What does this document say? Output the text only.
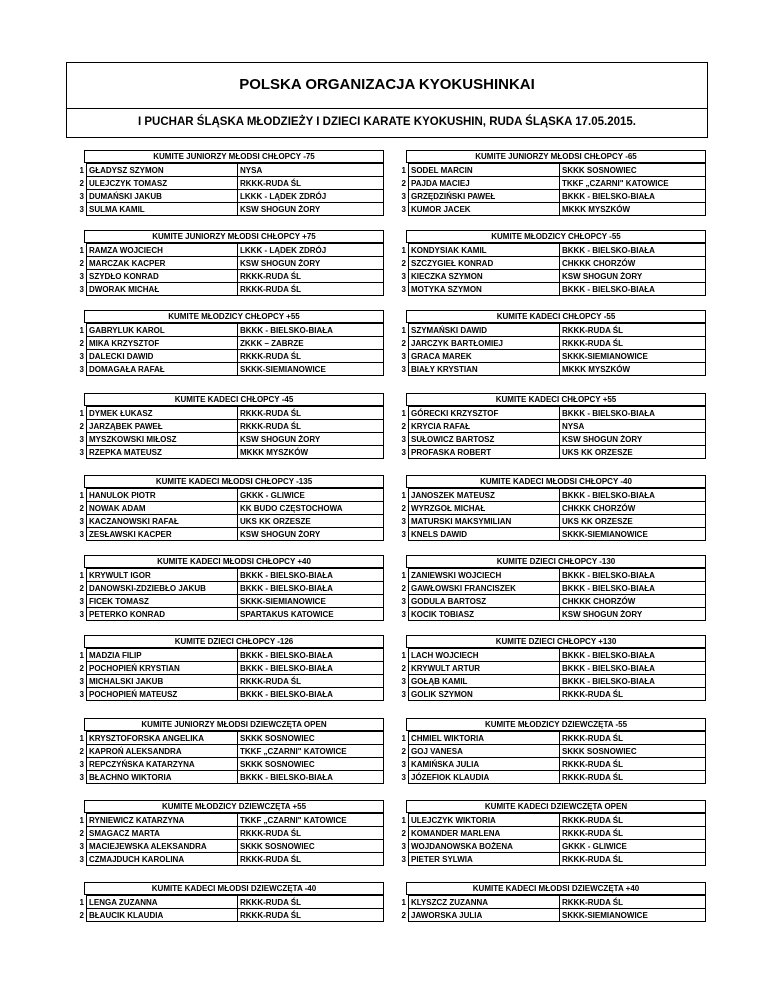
POLSKA ORGANIZACJA KYOKUSHINKAI
I PUCHAR ŚLĄSKA MŁODZIEŻY I DZIECI KARATE KYOKUSHIN, RUDA ŚLĄSKA 17.05.2015.
KUMITE JUNIORZY MŁODSI CHŁOPCY -75
1	GŁADYSZ SZYMON	NYSA
2	ULEJCZYK TOMASZ	RKKK-RUDA ŚL
3	DUMAŃSKI JAKUB	LKKK - LĄDEK ZDRÓJ
3	SULMA KAMIL	KSW SHOGUN ŻORY
KUMITE JUNIORZY MŁODSI CHŁOPCY -65
1	SODEL MARCIN	SKKK SOSNOWIEC
2	PAJDA MACIEJ	TKKF „CZARNI" KATOWICE
3	GRZĘDZIŃSKI PAWEŁ	BKKK - BIELSKO-BIAŁA
3	KUMOR JACEK	MKKK MYSZKÓW
KUMITE JUNIORZY MŁODSI CHŁOPCY +75
1	RAMZA WOJCIECH	LKKK - LĄDEK ZDRÓJ
2	MARCZAK KACPER	KSW SHOGUN ŻORY
3	SZYDŁO KONRAD	RKKK-RUDA ŚL
3	DWORAK MICHAŁ	RKKK-RUDA ŚL
KUMITE MŁODZICY CHŁOPCY -55
1	KONDYSIAK KAMIL	BKKK - BIELSKO-BIAŁA
2	SZCZYGIEŁ KONRAD	CHKKK CHORZÓW
3	KIECZKA SZYMON	KSW SHOGUN ŻORY
3	MOTYKA SZYMON	BKKK - BIELSKO-BIAŁA
KUMITE MŁODZICY CHŁOPCY +55
1	GABRYLUK KAROL	BKKK - BIELSKO-BIAŁA
2	MIKA KRZYSZTOF	ZKKK – ZABRZE
3	DALECKI DAWID	RKKK-RUDA ŚL
3	DOMAGAŁA RAFAŁ	SKKK-SIEMIANOWICE
KUMITE KADECI CHŁOPCY -55
1	SZYMAŃSKI DAWID	RKKK-RUDA ŚL
2	JARCZYK BARTŁOMIEJ	RKKK-RUDA ŚL
3	GRACA MAREK	SKKK-SIEMIANOWICE
3	BIAŁY KRYSTIAN	MKKK MYSZKÓW
KUMITE KADECI CHŁOPCY -45
1	DYMEK ŁUKASZ	RKKK-RUDA ŚL
2	JARZĄBEK PAWEŁ	RKKK-RUDA ŚL
3	MYSZKOWSKI MIŁOSZ	KSW SHOGUN ŻORY
3	RZEPKA MATEUSZ	MKKK MYSZKÓW
KUMITE KADECI CHŁOPCY +55
1	GÓRECKI KRZYSZTOF	BKKK - BIELSKO-BIAŁA
2	KRYCIA RAFAŁ	NYSA
3	SUŁOWICZ BARTOSZ	KSW SHOGUN ŻORY
3	PROFASKA ROBERT	UKS KK ORZESZE
KUMITE KADECI MŁODSI CHŁOPCY -135
1	HANULOK PIOTR	GKKK - GLIWICE
2	NOWAK ADAM	KK BUDO CZĘSTOCHOWA
3	KACZANOWSKI RAFAŁ	UKS KK ORZESZE
3	ZESŁAWSKI KACPER	KSW SHOGUN ŻORY
KUMITE KADECI MŁODSI CHŁOPCY -40
1	JANOSZEK MATEUSZ	BKKK - BIELSKO-BIAŁA
2	WYRZGOŁ MICHAŁ	CHKKK CHORZÓW
3	MATURSKI MAKSYMILIAN	UKS KK ORZESZE
3	KNELS DAWID	SKKK-SIEMIANOWICE
KUMITE KADECI MŁODSI CHŁOPCY +40
1	KRYWULT IGOR	BKKK - BIELSKO-BIAŁA
2	DANOWSKI-ZDZIEBŁO JAKUB	BKKK - BIELSKO-BIAŁA
3	FICEK TOMASZ	SKKK-SIEMIANOWICE
3	PETERKO KONRAD	SPARTAKUS KATOWICE
KUMITE DZIECI CHŁOPCY -130
1	ZANIEWSKI WOJCIECH	BKKK - BIELSKO-BIAŁA
2	GAWŁOWSKI FRANCISZEK	BKKK - BIELSKO-BIAŁA
3	GODULA BARTOSZ	CHKKK CHORZÓW
3	KOCIK TOBIASZ	KSW SHOGUN ŻORY
KUMITE DZIECI CHŁOPCY -126
1	MADZIA FILIP	BKKK - BIELSKO-BIAŁA
2	POCHOPIEŃ KRYSTIAN	BKKK - BIELSKO-BIAŁA
3	MICHALSKI JAKUB	RKKK-RUDA ŚL
3	POCHOPIEŃ MATEUSZ	BKKK - BIELSKO-BIAŁA
KUMITE DZIECI CHŁOPCY +130
1	LACH WOJCIECH	BKKK - BIELSKO-BIAŁA
2	KRYWULT ARTUR	BKKK - BIELSKO-BIAŁA
3	GOŁĄB KAMIL	BKKK - BIELSKO-BIAŁA
3	GOLIK SZYMON	RKKK-RUDA ŚL
KUMITE JUNIORZY MŁODSI DZIEWCZĘTA OPEN
1	KRYSZTOFORSKA ANGELIKA	SKKK SOSNOWIEC
2	KAPROŃ ALEKSANDRA	TKKF „CZARNI" KATOWICE
3	REPCZYŃSKA KATARZYNA	SKKK SOSNOWIEC
3	BŁACHNO WIKTORIA	BKKK - BIELSKO-BIAŁA
KUMITE MŁODZICY DZIEWCZĘTA -55
1	CHMIEL WIKTORIA	RKKK-RUDA ŚL
2	GOJ VANESA	SKKK SOSNOWIEC
3	KAMIŃSKA JULIA	RKKK-RUDA ŚL
3	JÓZEFIOK KLAUDIA	RKKK-RUDA ŚL
KUMITE MŁODZICY DZIEWCZĘTA +55
1	RYNIEWICZ KATARZYNA	TKKF „CZARNI" KATOWICE
2	SMAGACZ MARTA	RKKK-RUDA ŚL
3	MACIEJEWSKA ALEKSANDRA	SKKK SOSNOWIEC
3	CZMAJDUCH KAROLINA	RKKK-RUDA ŚL
KUMITE KADECI DZIEWCZĘTA OPEN
1	ULEJCZYK WIKTORIA	RKKK-RUDA ŚL
2	KOMANDER MARLENA	RKKK-RUDA ŚL
3	WOJDANOWSKA BOŻENA	GKKK - GLIWICE
3	PIETER SYLWIA	RKKK-RUDA ŚL
KUMITE KADECI MŁODSI DZIEWCZĘTA -40
1	LENGA ZUZANNA	RKKK-RUDA ŚL
2	BŁAUCIK KLAUDIA	RKKK-RUDA ŚL
KUMITE KADECI MŁODSI DZIEWCZĘTA +40
1	KLYSZCZ ZUZANNA	RKKK-RUDA ŚL
2	JAWORSKA JULIA	SKKK-SIEMIANOWICE
